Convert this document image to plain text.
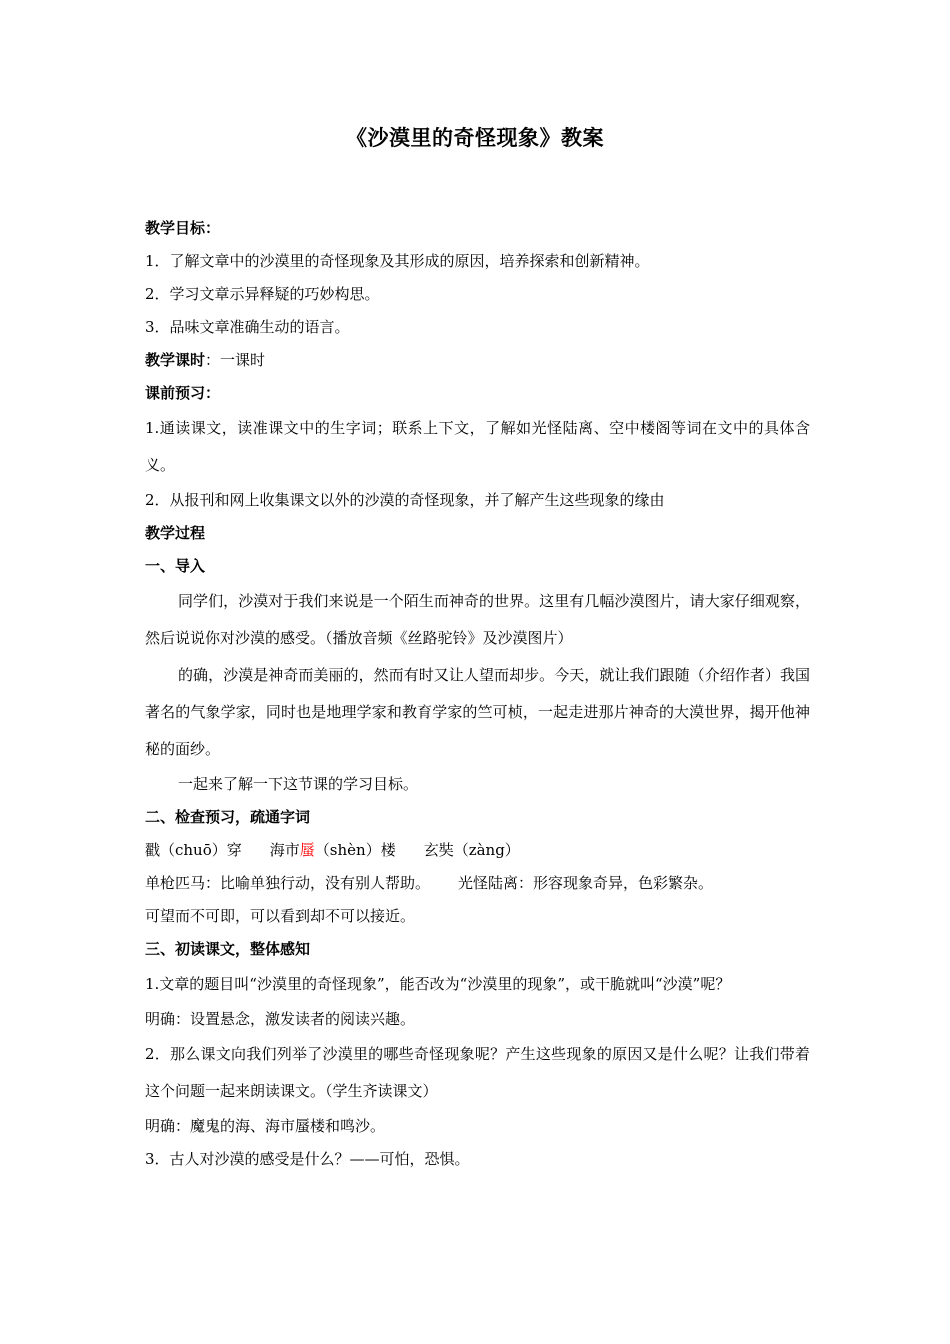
《沙漠里的奇怪现象》教案

教学目标：

1．了解文章中的沙漠里的奇怪现象及其形成的原因，培养探索和创新精神。

2．学习文章示异释疑的巧妙构思。

3．品味文章准确生动的语言。

教学课时：一课时

课前预习：

1.通读课文，读准课文中的生字词；联系上下文，了解如光怪陆离、空中楼阁等词在文中的具体含义。

2．从报刊和网上收集课文以外的沙漠的奇怪现象，并了解产生这些现象的缘由

教学过程

一、导入

同学们，沙漠对于我们来说是一个陌生而神奇的世界。这里有几幅沙漠图片，请大家仔细观察，然后说说你对沙漠的感受。（播放音频《丝路驼铃》及沙漠图片）

的确，沙漠是神奇而美丽的，然而有时又让人望而却步。今天，就让我们跟随（介绍作者）我国著名的气象学家，同时也是地理学家和教育学家的竺可桢，一起走进那片神奇的大漠世界，揭开他神秘的面纱。

一起来了解一下这节课的学习目标。

二、检查预习，疏通字词

戳（chuō）穿 海市蜃（shèn）楼 玄奘（zàng）

单枪匹马：比喻单独行动，没有别人帮助。 光怪陆离：形容现象奇异，色彩繁杂。

可望而不可即，可以看到却不可以接近。

三、初读课文，整体感知

1.文章的题目叫“沙漠里的奇怪现象”，能否改为“沙漠里的现象”，或干脆就叫“沙漠”呢？

明确：设置悬念，激发读者的阅读兴趣。

2．那么课文向我们列举了沙漠里的哪些奇怪现象呢？产生这些现象的原因又是什么呢？让我们带着这个问题一起来朗读课文。（学生齐读课文）

明确：魔鬼的海、海市蜃楼和鸣沙。

3．古人对沙漠的感受是什么？——可怕，恐惧。
